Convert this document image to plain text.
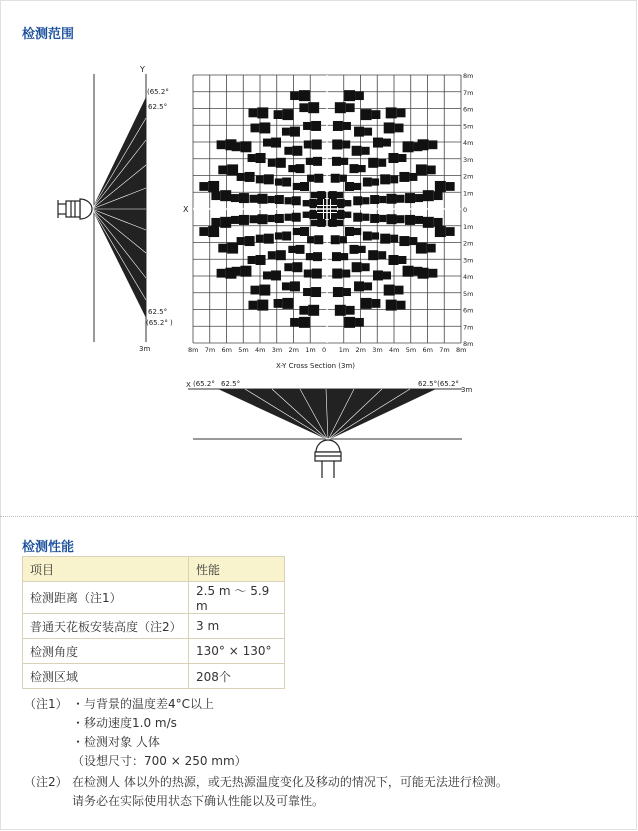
检测范围
Y
(65.2°
62.5°
62.5°
(65.2° )
3m
8m
7m
6m
5m
4m
3m
2m
1m
0
1m
2m
3m
4m
5m
6m
7m
8m
8m 7m 6m 5m 4m 3m 2m 1m 0 1m 2m 3m 4m 5m 6m 7m 8m
X
X-Y Cross Section (3m)
X (65.2° 62.5°	62.5°(65.2°
3m
检测性能
项目	性能
检测距离（注1）	2.5 m ～ 5.9 m
普通天花板安装高度（注2）	3 m
检测角度	130° × 130°
检测区域	208个
（注1） ・与背景的温度差4°C以上
・移动速度1.0 m/s
・检测对象 人体
（设想尺寸：700 × 250 mm）
（注2） 在检测人 体以外的热源，或无热源温度变化及移动的情况下，可能无法进行检测。
请务必在实际使用状态下确认性能以及可靠性。
